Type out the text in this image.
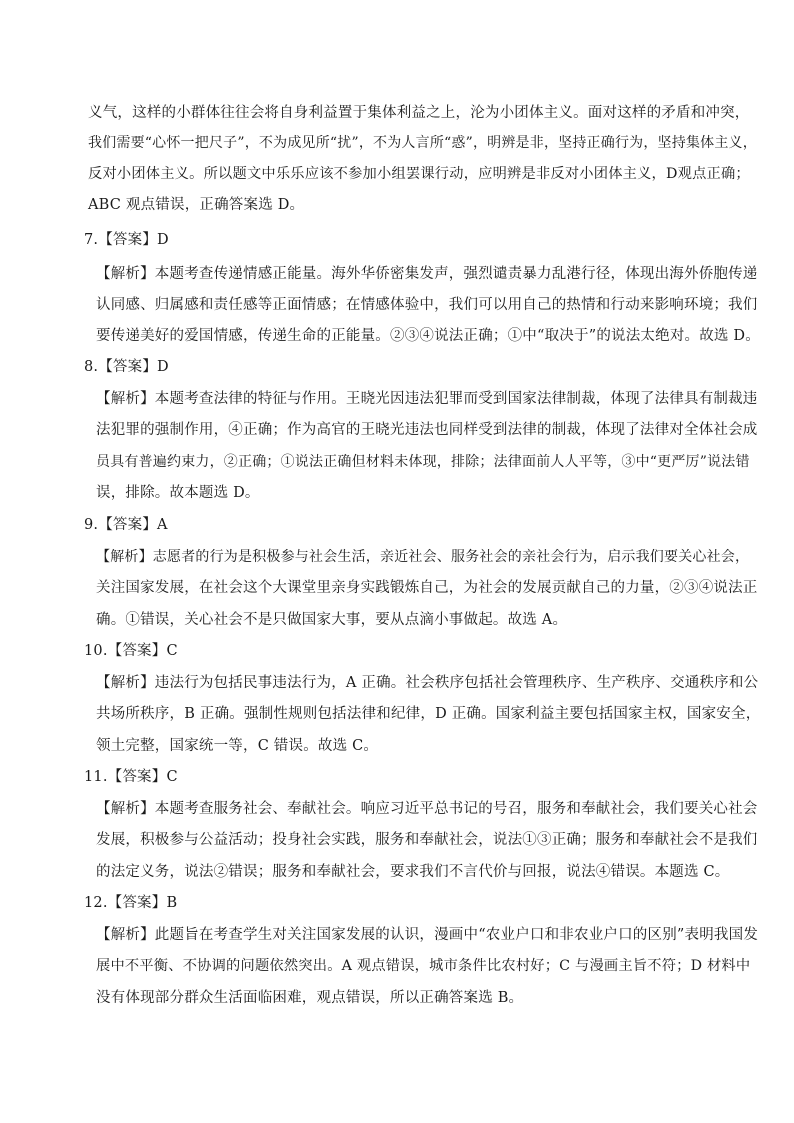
义气，这样的小群体往往会将自身利益置于集体利益之上，沦为小团体主义。面对这样的矛盾和冲突，
我们需要“心怀一把尺子”，不为成见所“扰”，不为人言所“惑”，明辨是非，坚持正确行为，坚持集体主义，
反对小团体主义。所以题文中乐乐应该不参加小组罢课行动，应明辨是非反对小团体主义，D观点正确；
ABC 观点错误，正确答案选 D。
7.【答案】D
【解析】本题考查传递情感正能量。海外华侨密集发声，强烈谴责暴力乱港行径，体现出海外侨胞传递
认同感、归属感和责任感等正面情感；在情感体验中，我们可以用自己的热情和行动来影响环境；我们
要传递美好的爱国情感，传递生命的正能量。②③④说法正确；①中“取决于”的说法太绝对。故选 D。
8.【答案】D
【解析】本题考查法律的特征与作用。王晓光因违法犯罪而受到国家法律制裁，体现了法律具有制裁违
法犯罪的强制作用，④正确；作为高官的王晓光违法也同样受到法律的制裁，体现了法律对全体社会成
员具有普遍约束力，②正确；①说法正确但材料未体现，排除；法律面前人人平等，③中“更严厉”说法错
误，排除。故本题选 D。
9.【答案】A
【解析】志愿者的行为是积极参与社会生活，亲近社会、服务社会的亲社会行为，启示我们要关心社会，
关注国家发展，在社会这个大课堂里亲身实践锻炼自己，为社会的发展贡献自己的力量，②③④说法正
确。①错误，关心社会不是只做国家大事，要从点滴小事做起。故选 A。
10.【答案】C
【解析】违法行为包括民事违法行为，A 正确。社会秩序包括社会管理秩序、生产秩序、交通秩序和公
共场所秩序，B 正确。强制性规则包括法律和纪律，D 正确。国家利益主要包括国家主权，国家安全，
领土完整，国家统一等，C 错误。故选 C。
11.【答案】C
【解析】本题考查服务社会、奉献社会。响应习近平总书记的号召，服务和奉献社会，我们要关心社会
发展，积极参与公益活动；投身社会实践，服务和奉献社会，说法①③正确；服务和奉献社会不是我们
的法定义务，说法②错误；服务和奉献社会，要求我们不言代价与回报，说法④错误。本题选 C。
12.【答案】B
【解析】此题旨在考查学生对关注国家发展的认识，漫画中“农业户口和非农业户口的区别”表明我国发
展中不平衡、不协调的问题依然突出。A 观点错误，城市条件比农村好；C 与漫画主旨不符；D 材料中
没有体现部分群众生活面临困难，观点错误，所以正确答案选 B。
